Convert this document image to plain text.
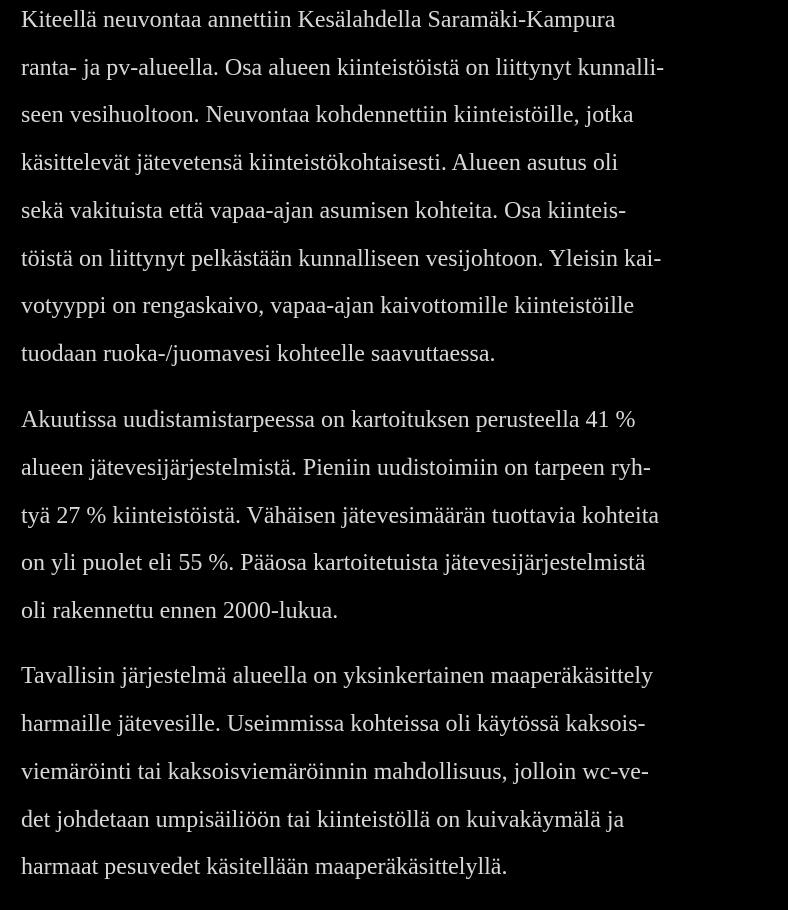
Kiteellä neuvontaa annettiin Kesälahdella Saramäki-Kampura

ranta- ja pv-alueella. Osa alueen kiinteistöistä on liittynyt kunnalli-

seen vesihuoltoon. Neuvontaa kohdennettiin kiinteistöille, jotka

käsittelevät jätevetensä kiinteistökohtaisesti. Alueen asutus oli

sekä vakituista että vapaa-ajan asumisen kohteita. Osa kiinteis-

töistä on liittynyt pelkästään kunnalliseen vesijohtoon. Yleisin kai-

votyyppi on rengaskaivo, vapaa-ajan kaivottomille kiinteistöille

tuodaan ruoka-/juomavesi kohteelle saavuttaessa.

Akuutissa uudistamistarpeessa on kartoituksen perusteella 41 %

alueen jätevesijärjestelmistä. Pieniin uudistoimiin on tarpeen ryh-

tyä 27 % kiinteistöistä. Vähäisen jätevesimäärän tuottavia kohteita

on yli puolet eli 55 %. Pääosa kartoitetuista jätevesijärjestelmistä

oli rakennettu ennen 2000-lukua.

Tavallisin järjestelmä alueella on yksinkertainen maaperäkäsittely

harmaille jätevesille. Useimmissa kohteissa oli käytössä kaksois-

viemäröinti tai kaksoisviemäröinnin mahdollisuus, jolloin wc-ve-

det johdetaan umpisäiliöön tai kiinteistöllä on kuivakäymälä ja

harmaat pesuvedet käsitellään maaperäkäsittelyllä.
